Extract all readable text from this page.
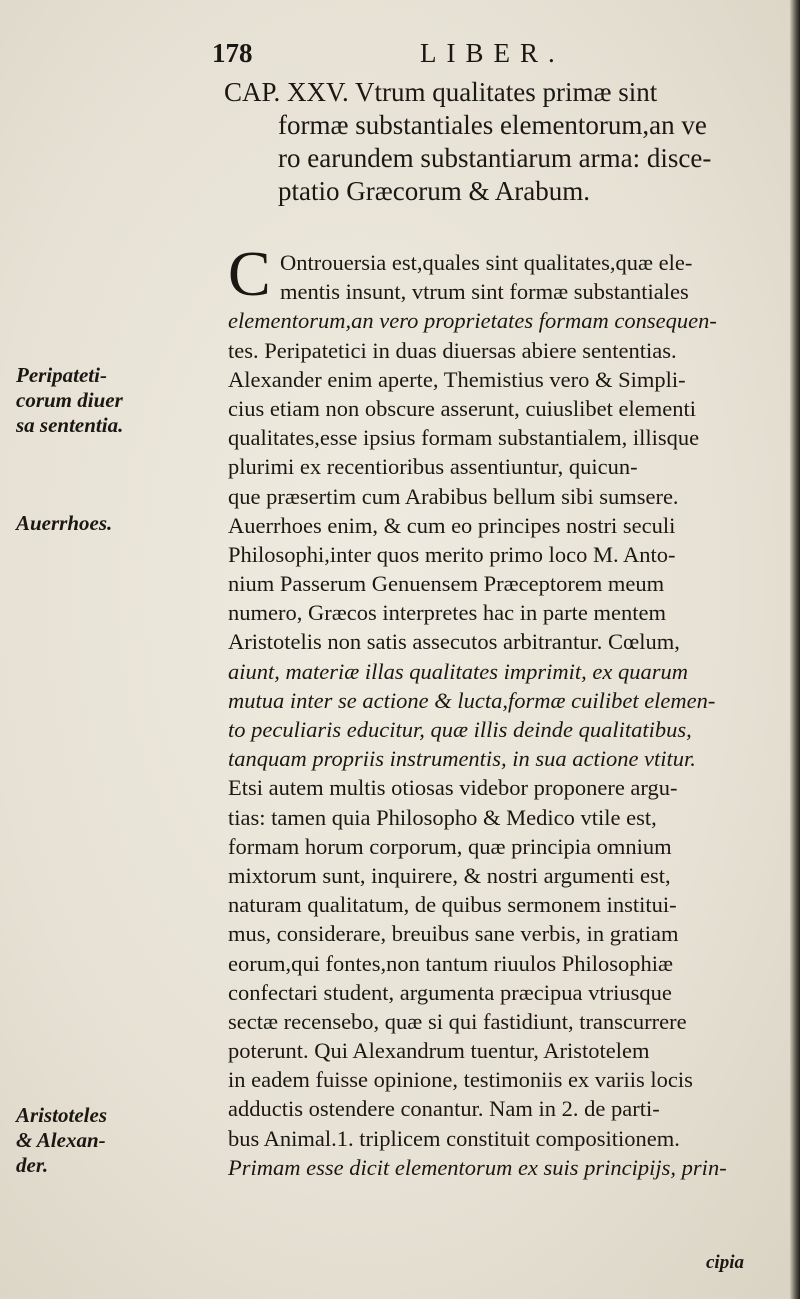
178	LIBER.
CAP. XXV. Vtrum qualitates primæ sint
formæ substantiales elementorum,an ve
ro earundem substantiarum arma: disce-
ptatio Græcorum & Arabum.
C Ontrouersia est,quales sint qualitates,quæ ele-
mentis insunt, vtrum sint formæ substantiales
elementorum,an vero proprietates formam consequen-
tes. Peripatetici in duas diuersas abiere sententias.
Alexander enim aperte, Themistius vero & Simpli-
cius etiam non obscure asserunt, cuiuslibet elementi
qualitates,esse ipsius formam substantialem, illisque
plurimi ex recentioribus assentiuntur, quicun-
que præsertim cum Arabibus bellum sibi sumsere.
Auerrhoes enim, & cum eo principes nostri seculi
Philosophi,inter quos merito primo loco M. Anto-
nium Passerum Genuensem Præceptorem meum
numero, Græcos interpretes hac in parte mentem
Aristotelis non satis assecutos arbitrantur. Cœlum,
aiunt, materiæ illas qualitates imprimit, ex quarum
mutua inter se actione & lucta,formæ cuilibet elemen-
to peculiaris educitur, quæ illis deinde qualitatibus,
tanquam propriis instrumentis, in sua actione vtitur.
Etsi autem multis otiosas videbor proponere argu-
tias: tamen quia Philosopho & Medico vtile est,
formam horum corporum, quæ principia omnium
mixtorum sunt, inquirere, & nostri argumenti est,
naturam qualitatum, de quibus sermonem institui-
mus, considerare, breuibus sane verbis, in gratiam
eorum,qui fontes,non tantum riuulos Philosophiæ
confectari student, argumenta præcipua vtriusque
sectæ recensebo, quæ si qui fastidiunt, transcurrere
poterunt. Qui Alexandrum tuentur, Aristotelem
in eadem fuisse opinione, testimoniis ex variis locis
adductis ostendere conantur. Nam in 2. de parti-
bus Animal.1. triplicem constituit compositionem.
Primam esse dicit elementorum ex suis principijs, prin-
Peripateti-
corum diuer
sa sententia.
Auerrhoes.
Aristoteles
& Alexan-
der.
cipia
